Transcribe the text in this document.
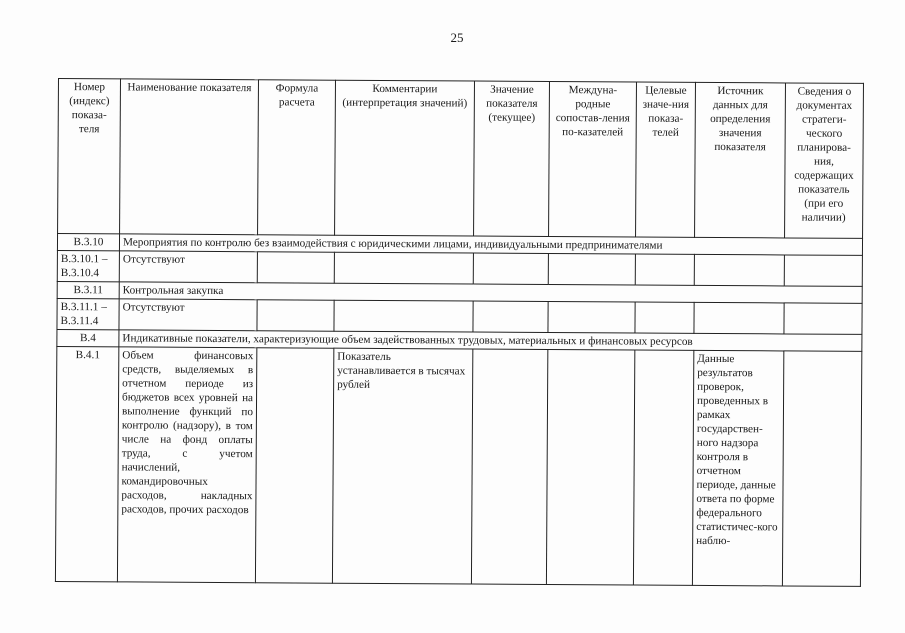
25
Номер (индекс) показа-теля	Наименование показателя	Формула расчета	Комментарии (интерпретация значений)	Значение показателя (текущее)	Междуна-родные сопостав-ления по-казателей	Целевые значе-ния показа-телей	Источник данных для определения значения показателя	Сведения о документах стратеги-ческого планирова-ния, содержащих показатель (при его наличии)
В.3.10	Мероприятия по контролю без взаимодействия с юридическими лицами, индивидуальными предпринимателями							
В.3.10.1 – В.3.10.4	Отсутствуют							
В.3.11	Контрольная закупка							
В.3.11.1 – В.3.11.4	Отсутствуют							
В.4	Индикативные показатели, характеризующие объем задействованных трудовых, материальных и финансовых ресурсов							
В.4.1	Объем финансовых средств, выделяемых в отчетном периоде из бюджетов всех уровней на выполнение функций по контролю (надзору), в том числе на фонд оплаты труда, с учетом начислений, командировочных расходов, накладных расходов, прочих расходов		Показатель устанавливается в тысячах рублей				Данные результатов проверок, проведенных в рамках государствен-ного надзора контроля в отчетном периоде, данные ответа по форме федерального статистичес-кого наблю-	
